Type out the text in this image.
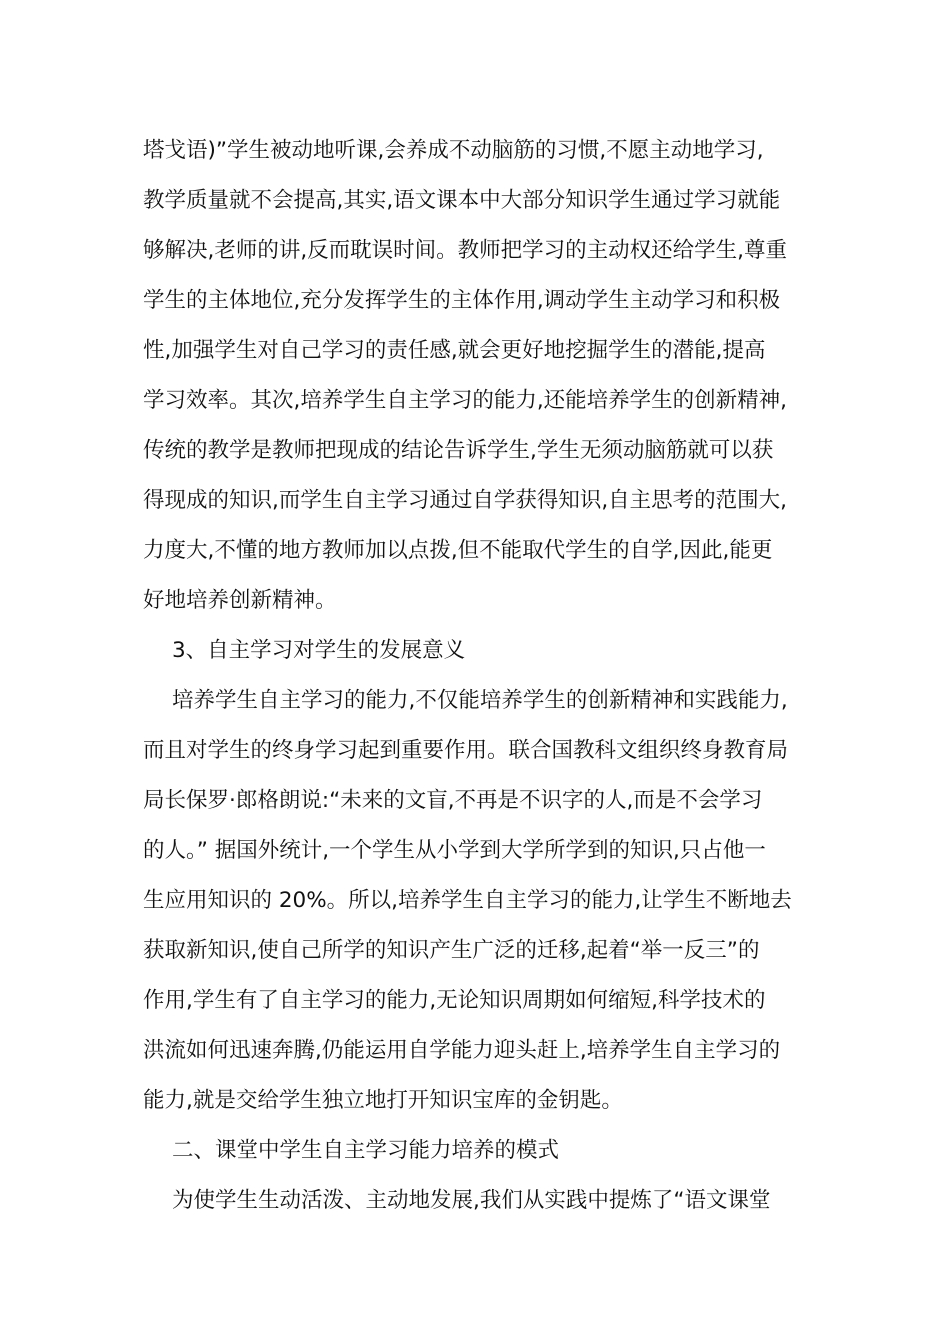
塔戈语)”学生被动地听课,会养成不动脑筋的习惯,不愿主动地学习,
教学质量就不会提高,其实,语文课本中大部分知识学生通过学习就能
够解决,老师的讲,反而耽误时间。教师把学习的主动权还给学生,尊重
学生的主体地位,充分发挥学生的主体作用,调动学生主动学习和积极
性,加强学生对自己学习的责任感,就会更好地挖掘学生的潜能,提高
学习效率。其次,培养学生自主学习的能力,还能培养学生的创新精神,
传统的教学是教师把现成的结论告诉学生,学生无须动脑筋就可以获
得现成的知识,而学生自主学习通过自学获得知识,自主思考的范围大,
力度大,不懂的地方教师加以点拨,但不能取代学生的自学,因此,能更
好地培养创新精神。
3、自主学习对学生的发展意义
培养学生自主学习的能力,不仅能培养学生的创新精神和实践能力,
而且对学生的终身学习起到重要作用。联合国教科文组织终身教育局
局长保罗·郎格朗说:“未来的文盲,不再是不识字的人,而是不会学习
的人。” 据国外统计,一个学生从小学到大学所学到的知识,只占他一
生应用知识的 20%。所以,培养学生自主学习的能力,让学生不断地去
获取新知识,使自己所学的知识产生广泛的迁移,起着“举一反三”的
作用,学生有了自主学习的能力,无论知识周期如何缩短,科学技术的
洪流如何迅速奔腾,仍能运用自学能力迎头赶上,培养学生自主学习的
能力,就是交给学生独立地打开知识宝库的金钥匙。
二、课堂中学生自主学习能力培养的模式
为使学生生动活泼、主动地发展,我们从实践中提炼了“语文课堂
